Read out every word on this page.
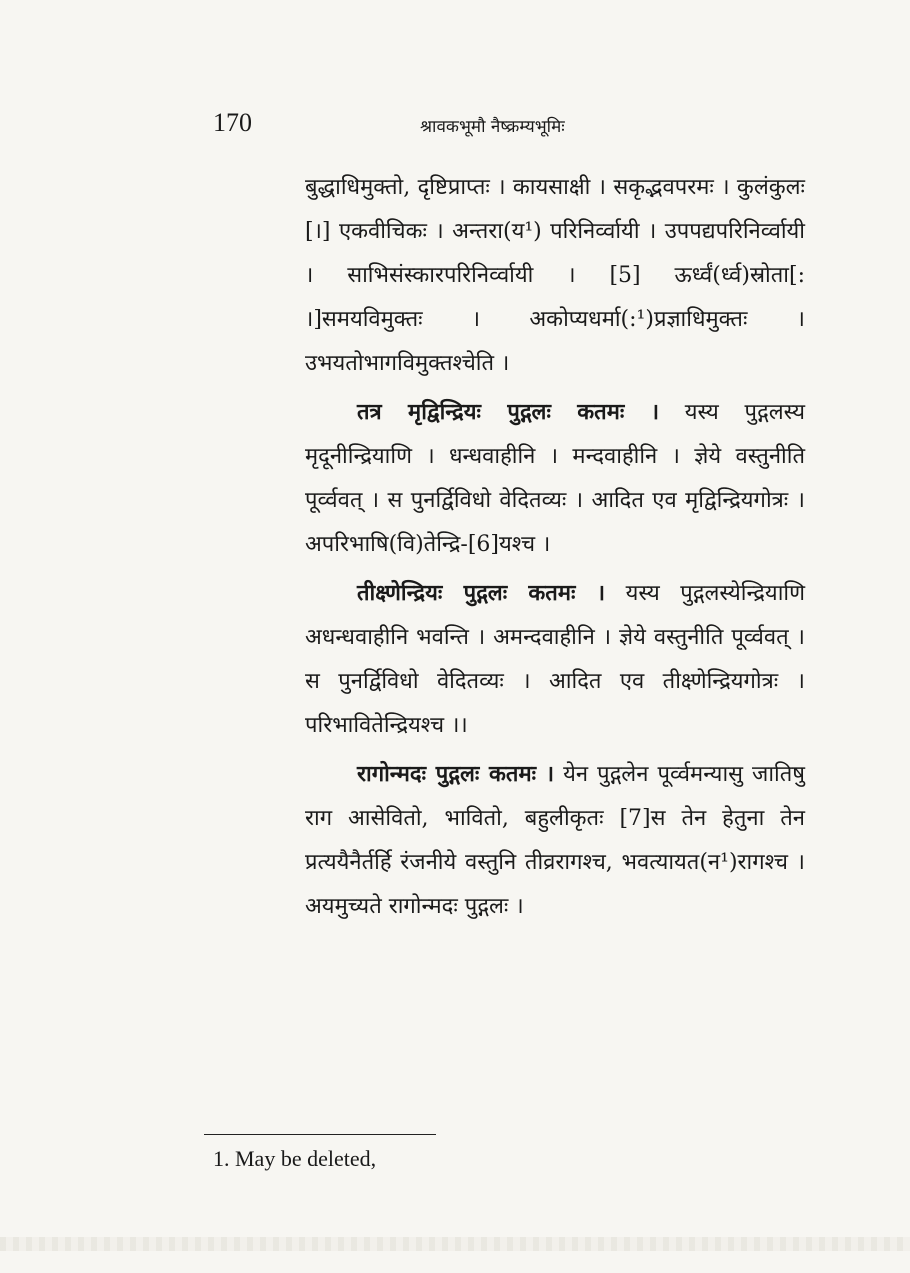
170	श्रावकभूमौ नैष्क्रम्यभूमिः

बुद्धाधिमुक्तो, दृष्टिप्राप्तः । कायसाक्षी । सकृद्भवपरमः । कुलंकुलः [।] एकवीचिकः । अन्तरा(य¹) परिनिर्व्वायी । उपपद्यपरिनिर्व्वायी । साभिसंस्कारपरिनिर्व्वायी । [5] ऊर्ध्वं(र्ध्व)स्रोता[: ।]समयविमुक्तः । अकोप्यधर्मा(:¹)प्रज्ञाधिमुक्तः । उभयतोभागविमुक्तश्चेति ।

तत्र मृद्विन्द्रियः पुद्गलः कतमः । यस्य पुद्गलस्य मृदूनीन्द्रियाणि । धन्धवाहीनि । मन्दवाहीनि । ज्ञेये वस्तुनीति पूर्व्ववत् । स पुनर्द्विविधो वेदितव्यः । आदित एव मृद्विन्द्रियगोत्रः । अपरिभाषि(वि)तेन्द्रि-[6]यश्च ।

तीक्ष्णेन्द्रियः पुद्गलः कतमः । यस्य पुद्गलस्येन्द्रियाणि अधन्धवाहीनि भवन्ति । अमन्दवाहीनि । ज्ञेये वस्तुनीति पूर्व्ववत् । स पुनर्द्विविधो वेदितव्यः । आदित एव तीक्ष्णेन्द्रियगोत्रः । परिभावितेन्द्रियश्च ।।

रागोन्मदः पुद्गलः कतमः । येन पुद्गलेन पूर्व्वमन्यासु जातिषु राग आसेवितो, भावितो, बहुलीकृतः [7]स तेन हेतुना तेन प्रत्ययैनैर्तर्हि रंजनीये वस्तुनि तीव्ररागश्च, भवत्यायत(न¹)रागश्च । अयमुच्यते रागोन्मदः पुद्गलः ।

1. May be deleted,
